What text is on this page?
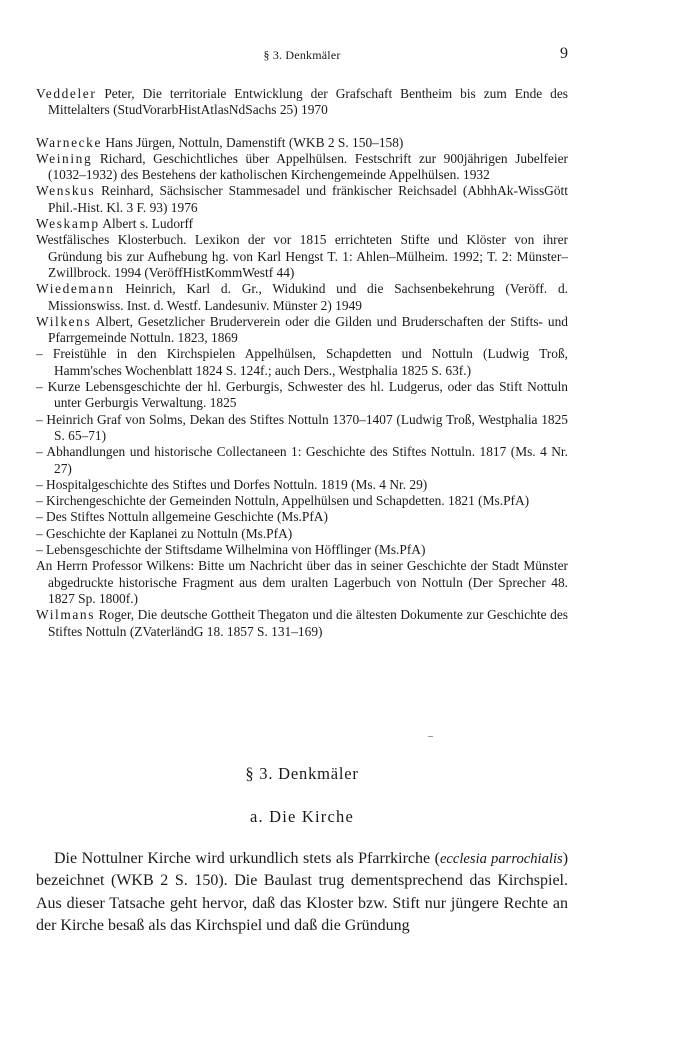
§ 3. Denkmäler	9
Veddeler Peter, Die territoriale Entwicklung der Grafschaft Bentheim bis zum Ende des Mittelalters (StudVorarbHistAtlasNdSachs 25) 1970
Warnecke Hans Jürgen, Nottuln, Damenstift (WKB 2 S. 150–158)
Weining Richard, Geschichtliches über Appelhülsen. Festschrift zur 900jährigen Jubelfeier (1032–1932) des Bestehens der katholischen Kirchengemeinde Appelhülsen. 1932
Wenskus Reinhard, Sächsischer Stammesadel und fränkischer Reichsadel (AbhhAk-WissGött Phil.-Hist. Kl. 3 F. 93) 1976
Weskamp Albert s. Ludorff
Westfälisches Klosterbuch. Lexikon der vor 1815 errichteten Stifte und Klöster von ihrer Gründung bis zur Aufhebung hg. von Karl Hengst T. 1: Ahlen–Mülheim. 1992; T. 2: Münster–Zwillbrock. 1994 (VeröffHistKommWestf 44)
Wiedemann Heinrich, Karl d. Gr., Widukind und die Sachsenbekehrung (Veröff. d. Missionswiss. Inst. d. Westf. Landesuniv. Münster 2) 1949
Wilkens Albert, Gesetzlicher Bruderverein oder die Gilden und Bruderschaften der Stifts- und Pfarrgemeinde Nottuln. 1823, 1869
– Freistühle in den Kirchspielen Appelhülsen, Schapdetten und Nottuln (Ludwig Troß, Hamm'sches Wochenblatt 1824 S. 124f.; auch Ders., Westphalia 1825 S. 63f.)
– Kurze Lebensgeschichte der hl. Gerburgis, Schwester des hl. Ludgerus, oder das Stift Nottuln unter Gerburgis Verwaltung. 1825
– Heinrich Graf von Solms, Dekan des Stiftes Nottuln 1370–1407 (Ludwig Troß, Westphalia 1825 S. 65–71)
– Abhandlungen und historische Collectaneen 1: Geschichte des Stiftes Nottuln. 1817 (Ms. 4 Nr. 27)
– Hospitalgeschichte des Stiftes und Dorfes Nottuln. 1819 (Ms. 4 Nr. 29)
– Kirchengeschichte der Gemeinden Nottuln, Appelhülsen und Schapdetten. 1821 (Ms.PfA)
– Des Stiftes Nottuln allgemeine Geschichte (Ms.PfA)
– Geschichte der Kaplanei zu Nottuln (Ms.PfA)
– Lebensgeschichte der Stiftsdame Wilhelmina von Höfflinger (Ms.PfA)
An Herrn Professor Wilkens: Bitte um Nachricht über das in seiner Geschichte der Stadt Münster abgedruckte historische Fragment aus dem uralten Lagerbuch von Nottuln (Der Sprecher 48. 1827 Sp. 1800f.)
Wilmans Roger, Die deutsche Gottheit Thegaton und die ältesten Dokumente zur Geschichte des Stiftes Nottuln (ZVaterländG 18. 1857 S. 131–169)
§ 3. Denkmäler
a. Die Kirche

Die Nottulner Kirche wird urkundlich stets als Pfarrkirche (ecclesia parrochialis) bezeichnet (WKB 2 S. 150). Die Baulast trug dementsprechend das Kirchspiel. Aus dieser Tatsache geht hervor, daß das Kloster bzw. Stift nur jüngere Rechte an der Kirche besaß als das Kirchspiel und daß die Gründung
